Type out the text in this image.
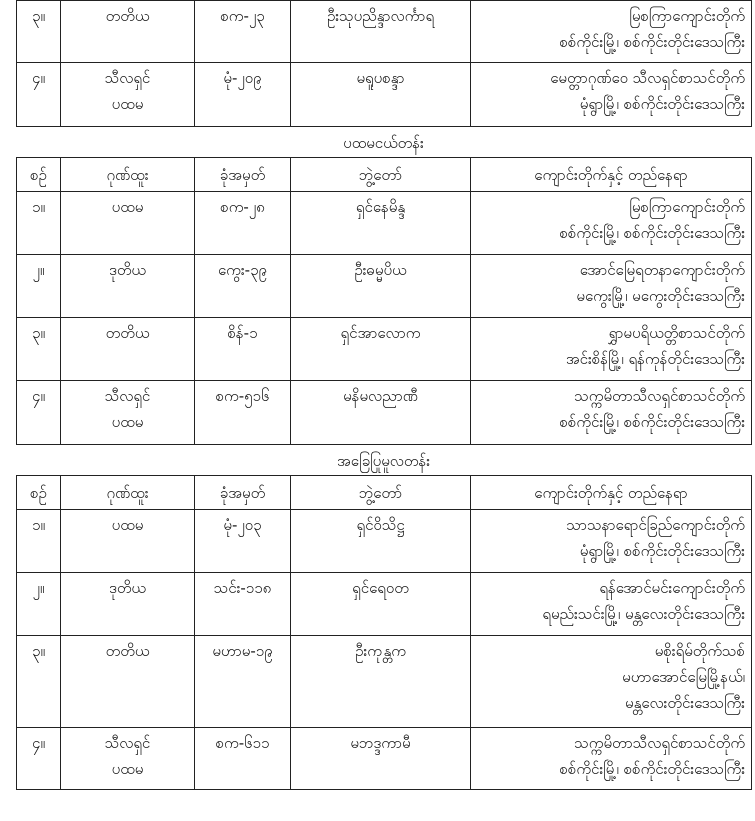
၃။	တတိယ	စက-၂၃	ဦးသုပညိန္ဒာလင်္ကာရ	မြစကြာကျောင်းတိုက်
စစ်ကိုင်းမြို့၊ စစ်ကိုင်းတိုင်းဒေသကြီး

၄။	သီလရှင်
ပထမ	မုံ-၂၀၉	မရူပစန္ဒာ	မေတ္တာဂုဏ်ဝေ သီလရှင်စာသင်တိုက်
မုံရွာမြို့၊ စစ်ကိုင်းတိုင်းဒေသကြီး
ပထမငယ်တန်း
စဉ်	ဂုဏ်ထူး	ခုံအမှတ်	ဘွဲ့တော်	ကျောင်းတိုက်နှင့် တည်နေရာ
၁။	ပထမ	စက-၂၈	ရှင်နေမိန္ဒ	မြစကြာကျောင်းတိုက်
စစ်ကိုင်းမြို့၊ စစ်ကိုင်းတိုင်းဒေသကြီး

၂။	ဒုတိယ	ကွေး-၃၉	ဦးဓမ္မပိယ	အောင်မြေရတနာကျောင်းတိုက်
မကွေးမြို့၊ မကွေးတိုင်းဒေသကြီး

၃။	တတိယ	စိန်-၁	ရှင်အာလောက	ရွှာမပရိယတ္တိစာသင်တိုက်
အင်းစိန်မြို့၊ ရန်ကုန်တိုင်းဒေသကြီး

၄။	သီလရှင်
ပထမ	စက-၅၁၆	မနိမလညာဏီ	သက္ကမိတာသီလရှင်စာသင်တိုက်
စစ်ကိုင်းမြို့၊ စစ်ကိုင်းတိုင်းဒေသကြီး
အခြေပြုမူလတန်း
စဉ်	ဂုဏ်ထူး	ခုံအမှတ်	ဘွဲ့တော်	ကျောင်းတိုက်နှင့် တည်နေရာ
၁။	ပထမ	မုံ-၂၀၃	ရှင်ဝိသိဋ္ဌ	သာသနာရောင်ခြည်ကျောင်းတိုက်
မုံရွာမြို့၊ စစ်ကိုင်းတိုင်းဒေသကြီး

၂။	ဒုတိယ	သင်း-၁၁၈	ရှင်ရေဝတ	ရန်အောင်မင်းကျောင်းတိုက်
ရမည်းသင်းမြို့၊ မန္တလေးတိုင်းဒေသကြီး

၃။	တတိယ	မဟာမ-၁၉	ဦးကုန္တက	မစိုးရိမ်တိုက်သစ်
မဟာအောင်မြေမြို့နယ်၊
မန္တလေးတိုင်းဒေသကြီး

၄။	သီလရှင်
ပထမ	စက-၆၁၁	မဘဒ္ဒကာမီ	သက္ကမိတာသီလရှင်စာသင်တိုက်
စစ်ကိုင်းမြို့၊ စစ်ကိုင်းတိုင်းဒေသကြီး
